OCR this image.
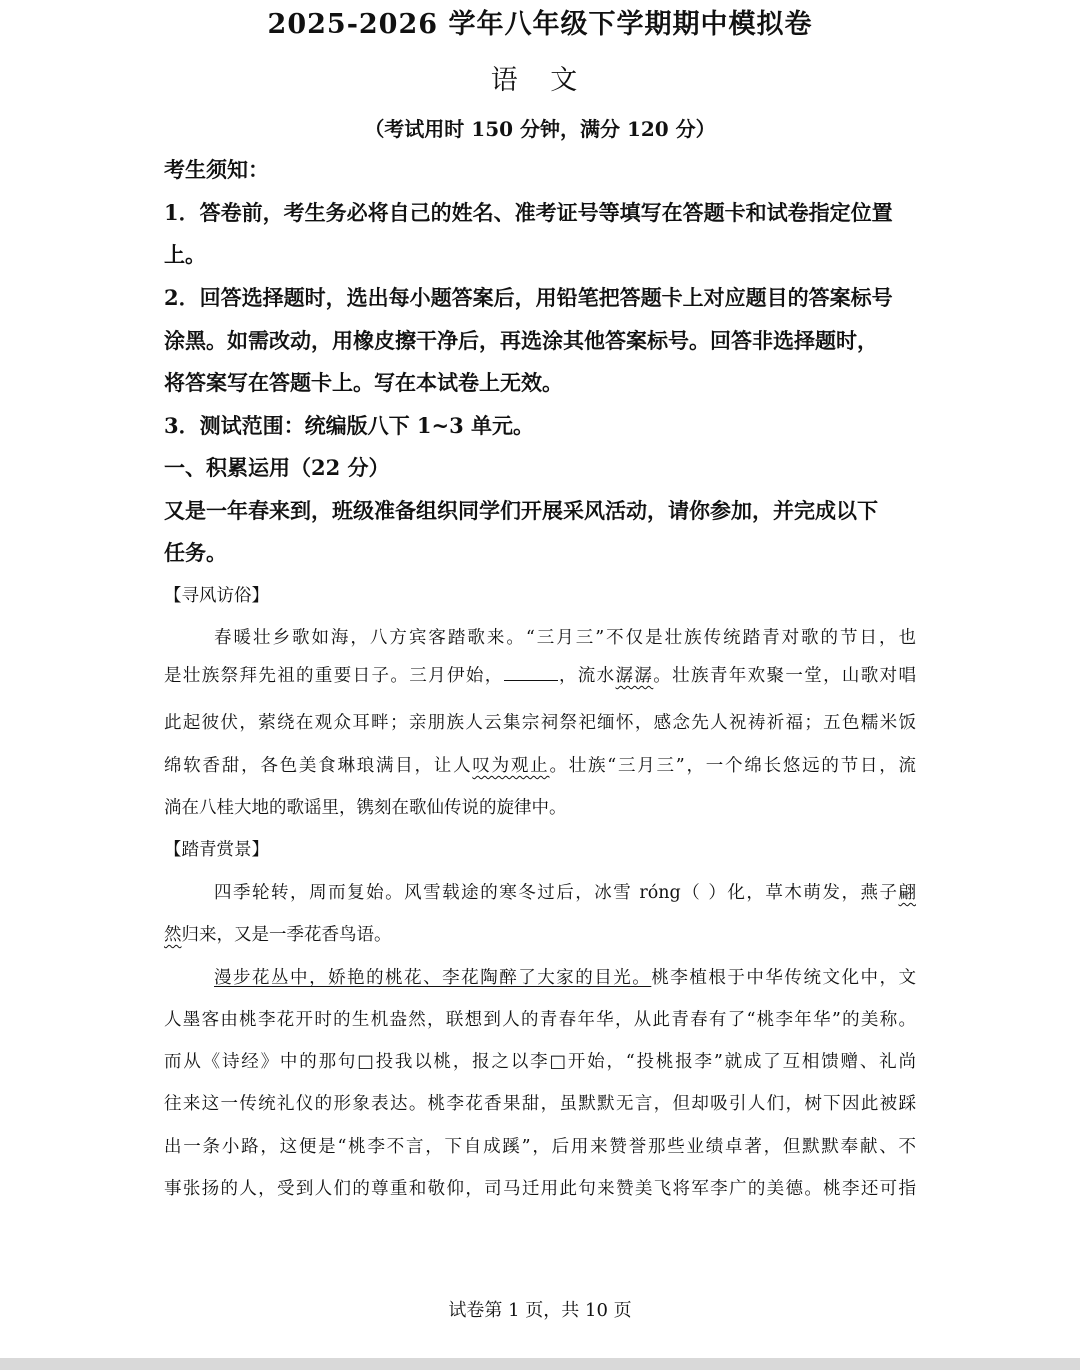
2025-2026 学年八年级下学期期中模拟卷
语 文
（考试用时 150 分钟，满分 120 分）
考生须知：
1．答卷前，考生务必将自己的姓名、准考证号等填写在答题卡和试卷指定位置
上。
2．回答选择题时，选出每小题答案后，用铅笔把答题卡上对应题目的答案标号
涂黑。如需改动，用橡皮擦干净后，再选涂其他答案标号。回答非选择题时，
将答案写在答题卡上。写在本试卷上无效。
3．测试范围：统编版八下 1~3 单元。
一、积累运用（22 分）
又是一年春来到，班级准备组织同学们开展采风活动，请你参加，并完成以下
任务。
【寻风访俗】
春暖壮乡歌如海，八方宾客踏歌来。“三月三”不仅是壮族传统踏青对歌的节日，也
是壮族祭拜先祖的重要日子。三月伊始，	，流水潺潺。壮族青年欢聚一堂，山歌对唱
此起彼伏，萦绕在观众耳畔；亲朋族人云集宗祠祭祀缅怀，感念先人祝祷祈福；五色糯米饭
绵软香甜，各色美食琳琅满目，让人叹为观止。壮族“三月三”，一个绵长悠远的节日，流
淌在八桂大地的歌谣里，镌刻在歌仙传说的旋律中。
【踏青赏景】
四季轮转，周而复始。风雪载途的寒冬过后，冰雪 róng（ ）化，草木萌发，燕子翩
然归来，又是一季花香鸟语。
漫步花丛中，娇艳的桃花、李花陶醉了大家的目光。桃李植根于中华传统文化中，文
人墨客由桃李花开时的生机盎然，联想到人的青春年华，从此青春有了“桃李年华”的美称。
而从《诗经》中的那句□投我以桃，报之以李□开始，“投桃报李”就成了互相馈赠、礼尚
往来这一传统礼仪的形象表达。桃李花香果甜，虽默默无言，但却吸引人们，树下因此被踩
出一条小路，这便是“桃李不言，下自成蹊”，后用来赞誉那些业绩卓著，但默默奉献、不
事张扬的人，受到人们的尊重和敬仰，司马迁用此句来赞美飞将军李广的美德。桃李还可指
试卷第 1 页，共 10 页
